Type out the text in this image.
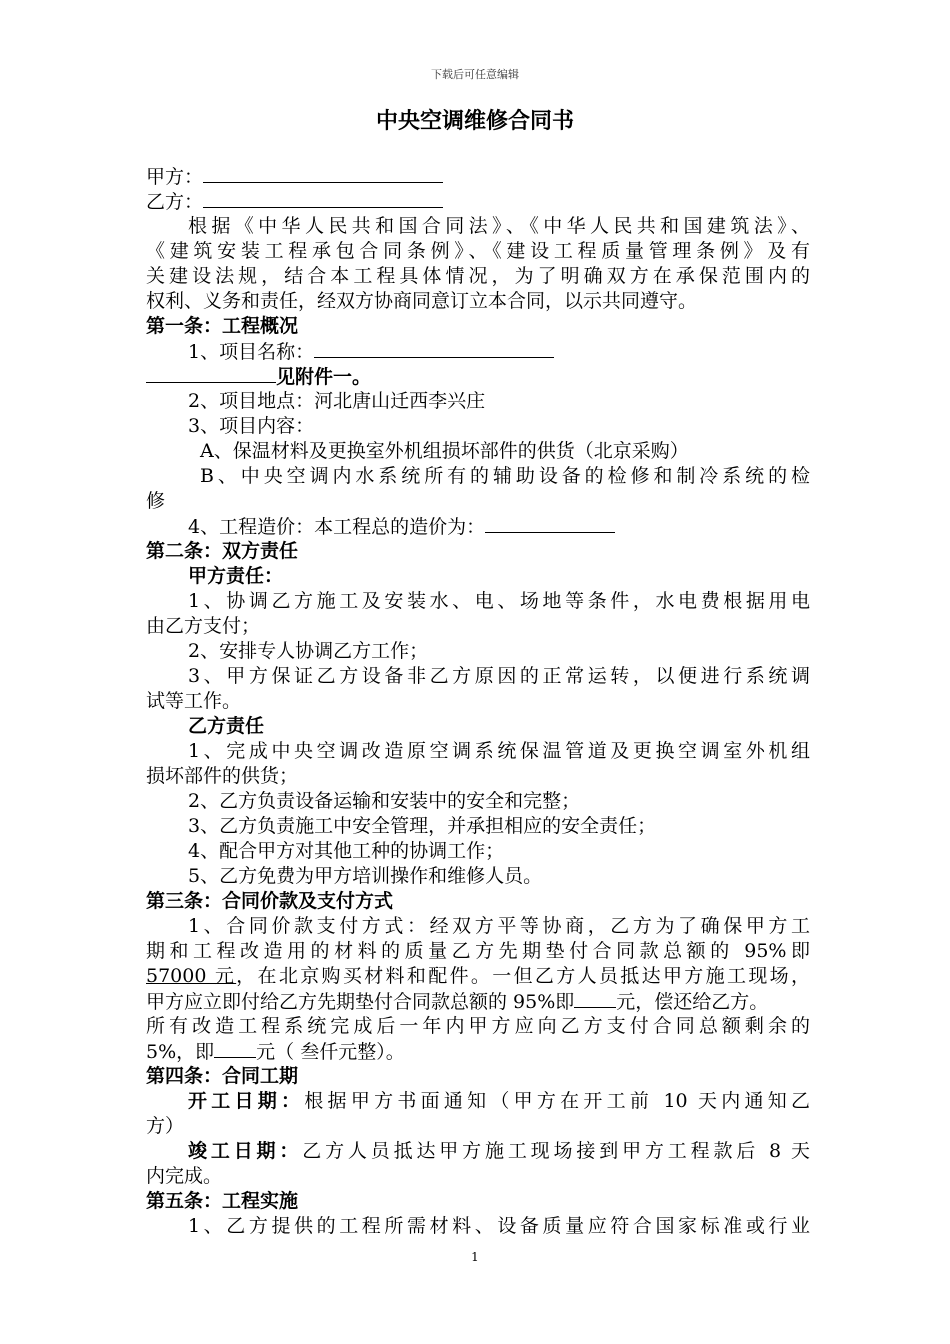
下载后可任意编辑
中央空调维修合同书
甲方：
乙方：
根据《中华人民共和国合同法》、《中华人民共和国建筑法》、
《建筑安装工程承包合同条例》、《建设工程质量管理条例》及有
关建设法规，结合本工程具体情况，为了明确双方在承保范围内的
权利、义务和责任，经双方协商同意订立本合同，以示共同遵守。
第一条：工程概况
1、项目名称：
见附件一。
2、项目地点：河北唐山迁西李兴庄
3、项目内容：
A、保温材料及更换室外机组损坏部件的供货（北京采购）
B、中央空调内水系统所有的辅助设备的检修和制冷系统的检
修
4、工程造价：本工程总的造价为：
第二条：双方责任
甲方责任：
1、协调乙方施工及安装水、电、场地等条件，水电费根据用电
由乙方支付；
2、安排专人协调乙方工作；
3、甲方保证乙方设备非乙方原因的正常运转，以便进行系统调
试等工作。
乙方责任
1、完成中央空调改造原空调系统保温管道及更换空调室外机组
损坏部件的供货；
2、乙方负责设备运输和安装中的安全和完整；
3、乙方负责施工中安全管理，并承担相应的安全责任；
4、配合甲方对其他工种的协调工作；
5、乙方免费为甲方培训操作和维修人员。
第三条：合同价款及支付方式
1、合同价款支付方式：经双方平等协商，乙方为了确保甲方工
期和工程改造用的材料的质量乙方先期垫付合同款总额的 95%即
57000 元，在北京购买材料和配件。一但乙方人员抵达甲方施工现场，
甲方应立即付给乙方先期垫付合同款总额的 95%即 元，偿还给乙方。
所有改造工程系统完成后一年内甲方应向乙方支付合同总额剩余的
5%，即 元（ 叁仟元整）。
第四条：合同工期
开工日期：根据甲方书面通知（甲方在开工前 10 天内通知乙
方）
竣工日期：乙方人员抵达甲方施工现场接到甲方工程款后 8 天
内完成。
第五条：工程实施
1、乙方提供的工程所需材料、设备质量应符合国家标准或行业
1
